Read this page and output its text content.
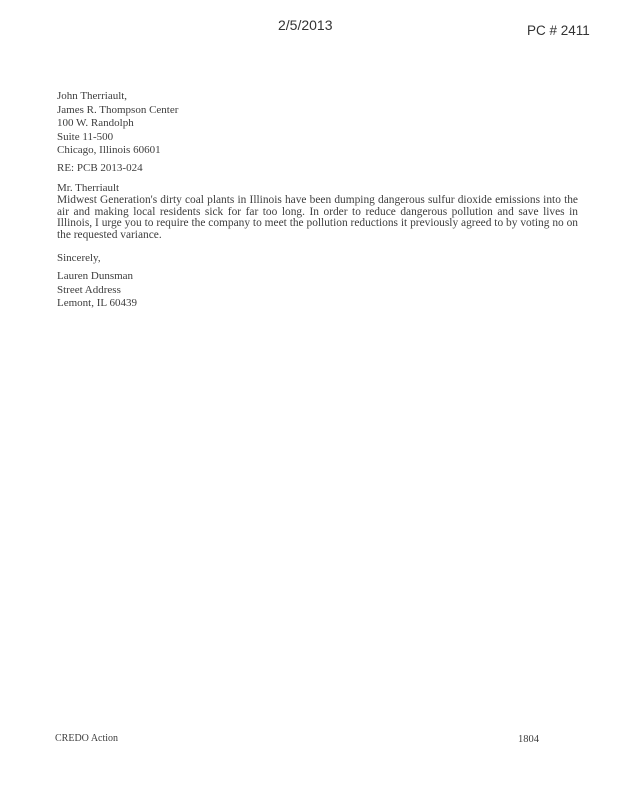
2/5/2013	PC # 2411
John Therriault,
James R. Thompson Center
100 W. Randolph
Suite 11-500
Chicago, Illinois 60601
RE: PCB 2013-024
Mr. Therriault
Midwest Generation's dirty coal plants in Illinois have been dumping dangerous sulfur dioxide emissions into the air and making local residents sick for far too long. In order to reduce dangerous pollution and save lives in Illinois, I urge you to require the company to meet the pollution reductions it previously agreed to by voting no on the requested variance.
Sincerely,
Lauren Dunsman
Street Address
Lemont, IL 60439
CREDO Action	1804
